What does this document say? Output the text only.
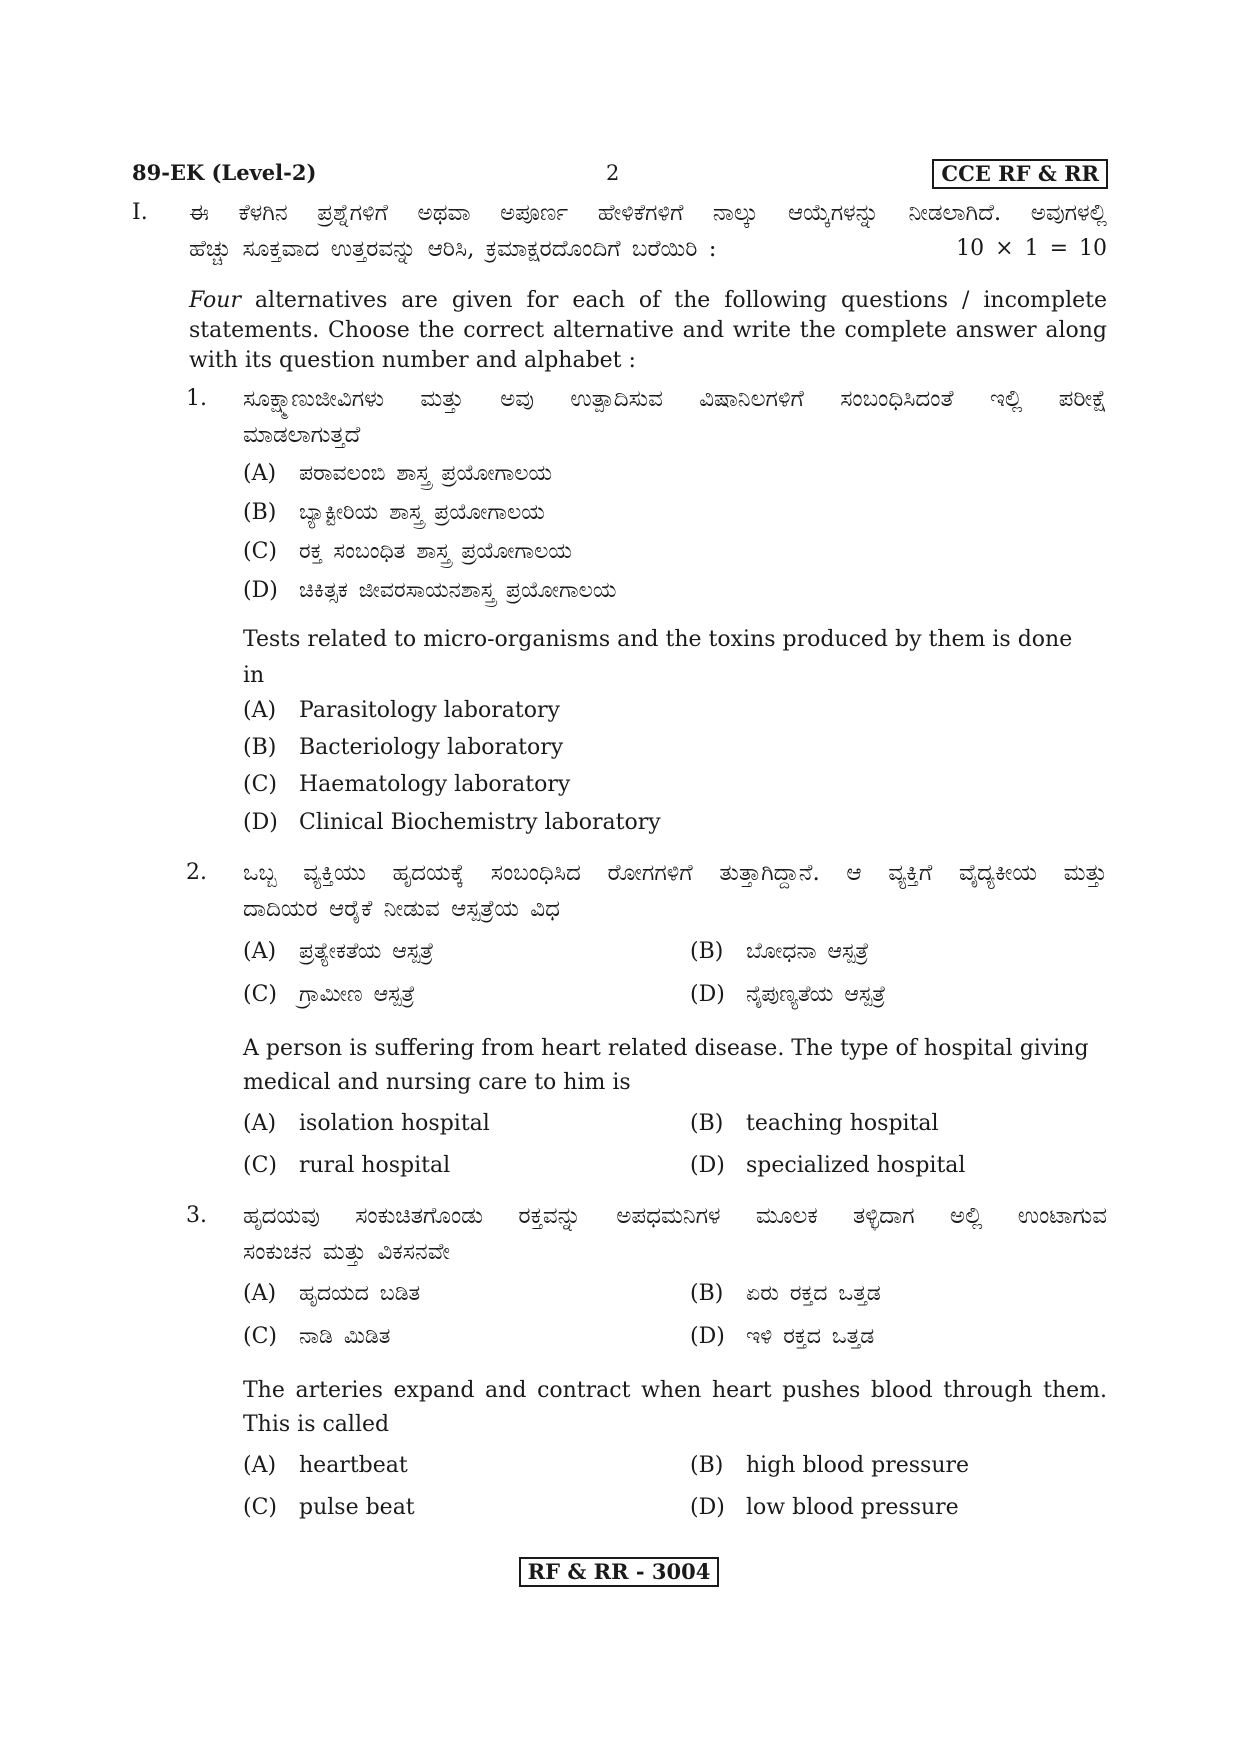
89-EK (Level-2)	2	CCE RF & RR
I. ಈ ಕೆಳಗಿನ ಪ್ರಶ್ನೆಗಳಿಗೆ ಅಥವಾ ಅಪೂರ್ಣ ಹೇಳಿಕೆಗಳಿಗೆ ನಾಲ್ಕು ಆಯ್ಕೆಗಳನ್ನು ನೀಡಲಾಗಿದೆ. ಅವುಗಳಲ್ಲಿ
ಹೆಚ್ಚು ಸೂಕ್ತವಾದ ಉತ್ತರವನ್ನು ಆರಿಸಿ, ಕ್ರಮಾಕ್ಷರದೊಂದಿಗೆ ಬರೆಯಿರಿ :	10 × 1 = 10
Four alternatives are given for each of the following questions / incomplete statements. Choose the correct alternative and write the complete answer along with its question number and alphabet :
1. ಸೂಕ್ಷ್ಮಾಣುಜೀವಿಗಳು ಮತ್ತು ಅವು ಉತ್ಪಾದಿಸುವ ವಿಷಾನಿಲಗಳಿಗೆ ಸಂಬಂಧಿಸಿದಂತೆ ಇಲ್ಲಿ ಪರೀಕ್ಷೆ
ಮಾಡಲಾಗುತ್ತದೆ
(A) ಪರಾವಲಂಬಿ ಶಾಸ್ತ್ರ ಪ್ರಯೋಗಾಲಯ
(B) ಬ್ಯಾಕ್ಟೀರಿಯ ಶಾಸ್ತ್ರ ಪ್ರಯೋಗಾಲಯ
(C) ರಕ್ತ ಸಂಬಂಧಿತ ಶಾಸ್ತ್ರ ಪ್ರಯೋಗಾಲಯ
(D) ಚಿಕಿತ್ಸಕ ಜೀವರಸಾಯನಶಾಸ್ತ್ರ ಪ್ರಯೋಗಾಲಯ
Tests related to micro-organisms and the toxins produced by them is done
in
(A) Parasitology laboratory
(B) Bacteriology laboratory
(C) Haematology laboratory
(D) Clinical Biochemistry laboratory
2. ಒಬ್ಬ ವ್ಯಕ್ತಿಯು ಹೃದಯಕ್ಕೆ ಸಂಬಂಧಿಸಿದ ರೋಗಗಳಿಗೆ ತುತ್ತಾಗಿದ್ದಾನೆ. ಆ ವ್ಯಕ್ತಿಗೆ ವೈದ್ಯಕೀಯ ಮತ್ತು
ದಾದಿಯರ ಆರೈಕೆ ನೀಡುವ ಆಸ್ಪತ್ರೆಯ ವಿಧ
(A) ಪ್ರತ್ಯೇಕತೆಯ ಆಸ್ಪತ್ರೆ	(B) ಬೋಧನಾ ಆಸ್ಪತ್ರೆ
(C) ಗ್ರಾಮೀಣ ಆಸ್ಪತ್ರೆ	(D) ನೈಪುಣ್ಯತೆಯ ಆಸ್ಪತ್ರೆ
A person is suffering from heart related disease. The type of hospital giving
medical and nursing care to him is
(A) isolation hospital	(B) teaching hospital
(C) rural hospital	(D) specialized hospital
3. ಹೃದಯವು ಸಂಕುಚಿತಗೊಂಡು ರಕ್ತವನ್ನು ಅಪಧಮನಿಗಳ ಮೂಲಕ ತಳ್ಳಿದಾಗ ಅಲ್ಲಿ ಉಂಟಾಗುವ
ಸಂಕುಚನ ಮತ್ತು ವಿಕಸನವೇ
(A) ಹೃದಯದ ಬಡಿತ	(B) ಏರು ರಕ್ತದ ಒತ್ತಡ
(C) ನಾಡಿ ಮಿಡಿತ	(D) ಇಳಿ ರಕ್ತದ ಒತ್ತಡ
The arteries expand and contract when heart pushes blood through them.
This is called
(A) heartbeat	(B) high blood pressure
(C) pulse beat	(D) low blood pressure
RF & RR - 3004
